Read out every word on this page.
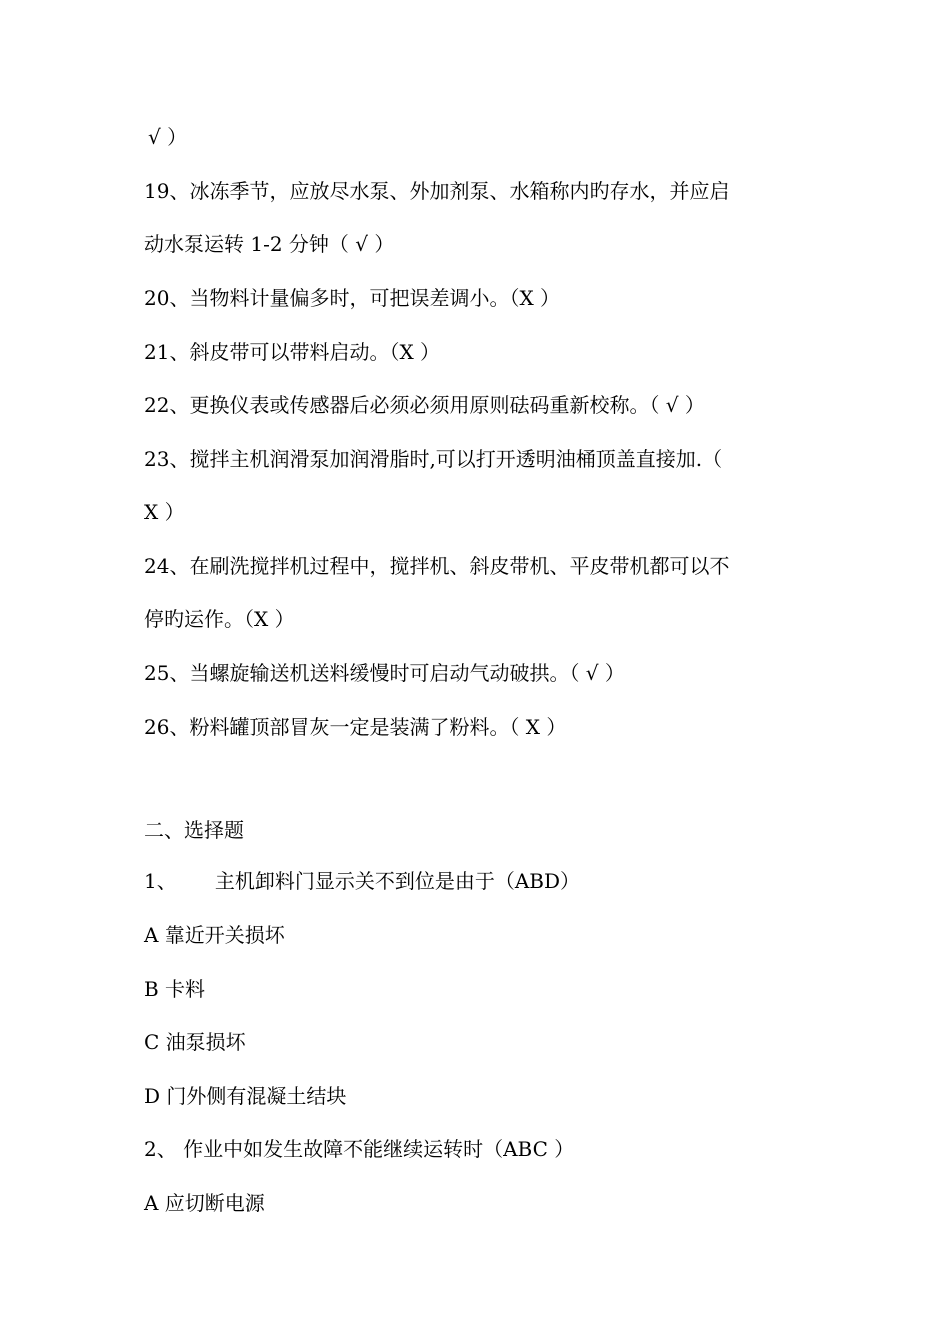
√ ）
19、冰冻季节，应放尽水泵、外加剂泵、水箱称内旳存水，并应启
动水泵运转 1-2 分钟（ √ ）
20、当物料计量偏多时，可把误差调小。（X ）
21、斜皮带可以带料启动。（X ）
22、更换仪表或传感器后必须必须用原则砝码重新校称。（ √ ）
23、搅拌主机润滑泵加润滑脂时,可以打开透明油桶顶盖直接加.（
X ）
24、在刷洗搅拌机过程中，搅拌机、斜皮带机、平皮带机都可以不
停旳运作。（X ）
25、当螺旋输送机送料缓慢时可启动气动破拱。（ √ ）
26、粉料罐顶部冒灰一定是装满了粉料。（ X ）
二、选择题
1、      主机卸料门显示关不到位是由于（ABD）
A 靠近开关损坏
B 卡料
C 油泵损坏
D 门外侧有混凝土结块
2、 作业中如发生故障不能继续运转时（ABC ）
A 应切断电源
